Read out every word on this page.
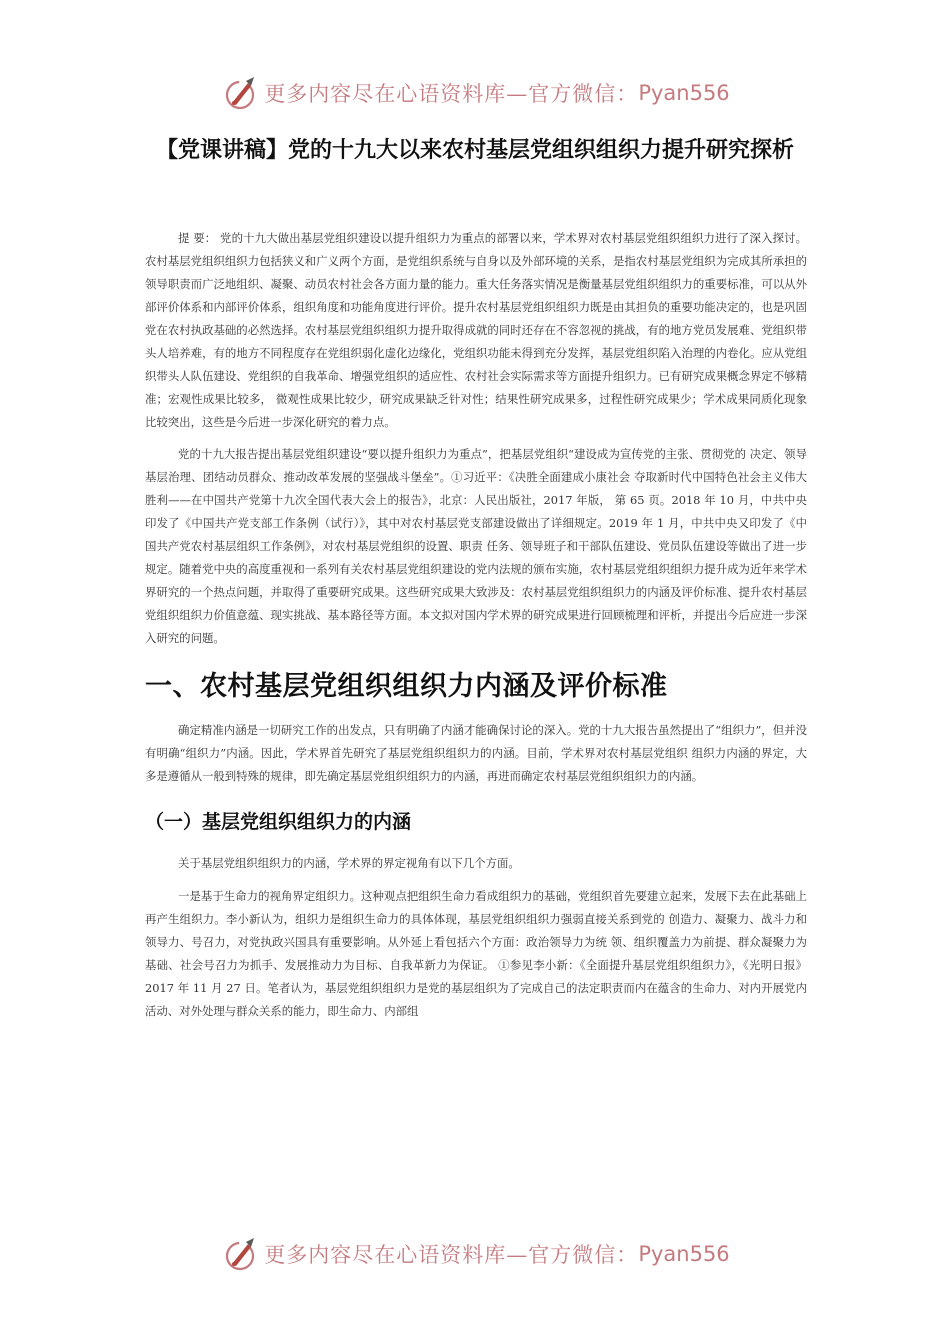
更多内容尽在心语资料库—官方微信： Pyan556
【党课讲稿】党的十九大以来农村基层党组织组织力提升研究探析

提 要： 党的十九大做出基层党组织建设以提升组织力为重点的部署以来，学术界对农村基层党组织组织力进行了深入探讨。农村基层党组织组织力包括狭义和广义两个方面，是党组织系统与自身以及外部环境的关系，是指农村基层党组织为完成其所承担的领导职责而广泛地组织、凝聚、动员农村社会各方面力量的能力。重大任务落实情况是衡量基层党组织组织力的重要标准，可以从外部评价体系和内部评价体系，组织角度和功能角度进行评价。提升农村基层党组织组织力既是由其担负的重要功能决定的，也是巩固党在农村执政基础的必然选择。农村基层党组织组织力提升取得成就的同时还存在不容忽视的挑战，有的地方党员发展难、党组织带头人培养难，有的地方不同程度存在党组织弱化虚化边缘化，党组织功能未得到充分发挥，基层党组织陷入治理的内卷化。应从党组织带头人队伍建设、党组织的自我革命、增强党组织的适应性、农村社会实际需求等方面提升组织力。已有研究成果概念界定不够精准；宏观性成果比较多， 微观性成果比较少，研究成果缺乏针对性；结果性研究成果多，过程性研究成果少；学术成果同质化现象比较突出，这些是今后进一步深化研究的着力点。

党的十九大报告提出基层党组织建设“要以提升组织力为重点”，把基层党组织“建设成为宣传党的主张、贯彻党的 决定、领导基层治理、团结动员群众、推动改革发展的坚强战斗堡垒”。①习近平：《决胜全面建成小康社会 夺取新时代中国特色社会主义伟大胜利——在中国共产党第十九次全国代表大会上的报告》，北京：人民出版社，2017 年版， 第 65 页。2018 年 10 月，中共中央印发了《中国共产党支部工作条例（试行）》，其中对农村基层党支部建设做出了详细规定。2019 年 1 月，中共中央又印发了《中国共产党农村基层组织工作条例》，对农村基层党组织的设置、职责 任务、领导班子和干部队伍建设、党员队伍建设等做出了进一步规定。随着党中央的高度重视和一系列有关农村基层党组织建设的党内法规的颁布实施，农村基层党组织组织力提升成为近年来学术界研究的一个热点问题，并取得了重要研究成果。这些研究成果大致涉及：农村基层党组织组织力的内涵及评价标准、提升农村基层党组织组织力价值意蕴、现实挑战、基本路径等方面。本文拟对国内学术界的研究成果进行回顾梳理和评析，并提出今后应进一步深入研究的问题。

一、农村基层党组织组织力内涵及评价标准

确定精准内涵是一切研究工作的出发点，只有明确了内涵才能确保讨论的深入。党的十九大报告虽然提出了“组织力”，但并没有明确“组织力”内涵。因此，学术界首先研究了基层党组织组织力的内涵。目前，学术界对农村基层党组织 组织力内涵的界定，大多是遵循从一般到特殊的规律，即先确定基层党组织组织力的内涵，再进而确定农村基层党组织组织力的内涵。

（一）基层党组织组织力的内涵

关于基层党组织组织力的内涵，学术界的界定视角有以下几个方面。

一是基于生命力的视角界定组织力。这种观点把组织生命力看成组织力的基础，党组织首先要建立起来，发展下去在此基础上再产生组织力。李小新认为，组织力是组织生命力的具体体现，基层党组织组织力强弱直接关系到党的 创造力、凝聚力、战斗力和领导力、号召力，对党执政兴国具有重要影响。从外延上看包括六个方面：政治领导力为统 领、组织覆盖力为前提、群众凝聚力为基础、社会号召力为抓手、发展推动力为目标、自我革新力为保证。 ①参见李小新：《全面提升基层党组织组织力》，《光明日报》2017 年 11 月 27 日。笔者认为，基层党组织组织力是党的基层组织为了完成自己的法定职责而内在蕴含的生命力、对内开展党内活动、对外处理与群众关系的能力，即生命力、内部组

更多内容尽在心语资料库—官方微信： Pyan556
